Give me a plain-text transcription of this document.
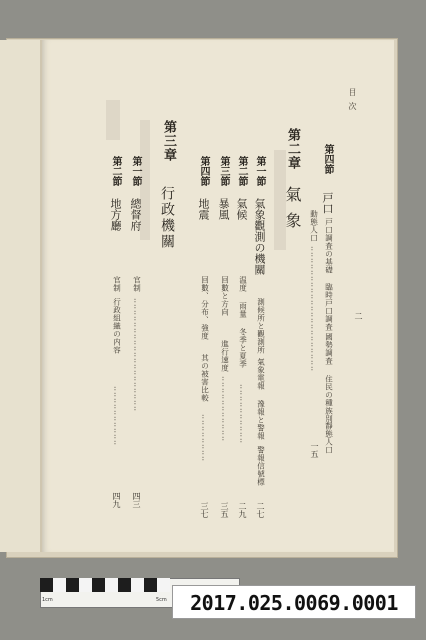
目次
二
第四節
戸口
戸口調査の基礎
臨時戸口調査
國勢調査
住民の種族別
靜態人口
動態人口
‥‥‥‥‥‥‥‥‥‥‥‥‥‥‥‥‥‥‥‥‥
一五
第二章
氣象
第一節
氣象觀測の機關
測候所と觀測所
氣象電報
豫報と警報
警報信號標
二七
第二節
氣候
温度
雨量
冬季と夏季
‥‥‥‥‥‥‥‥‥‥
二九
第三節
暴風
回數と方向
進行速度
‥‥‥‥‥‥‥‥‥‥‥
三五
第四節
地震
回數、分布、強度
其の被害比較
‥‥‥‥‥‥‥‥
三七
第三章
行政機關
第一節
總督府
官制
‥‥‥‥‥‥‥‥‥‥‥‥‥‥‥‥‥‥‥
四三
第二節
地方廳
官制
行政組織の内容
‥‥‥‥‥‥‥‥‥‥
四九
1cm	5cm	2017.025.0069.0001
